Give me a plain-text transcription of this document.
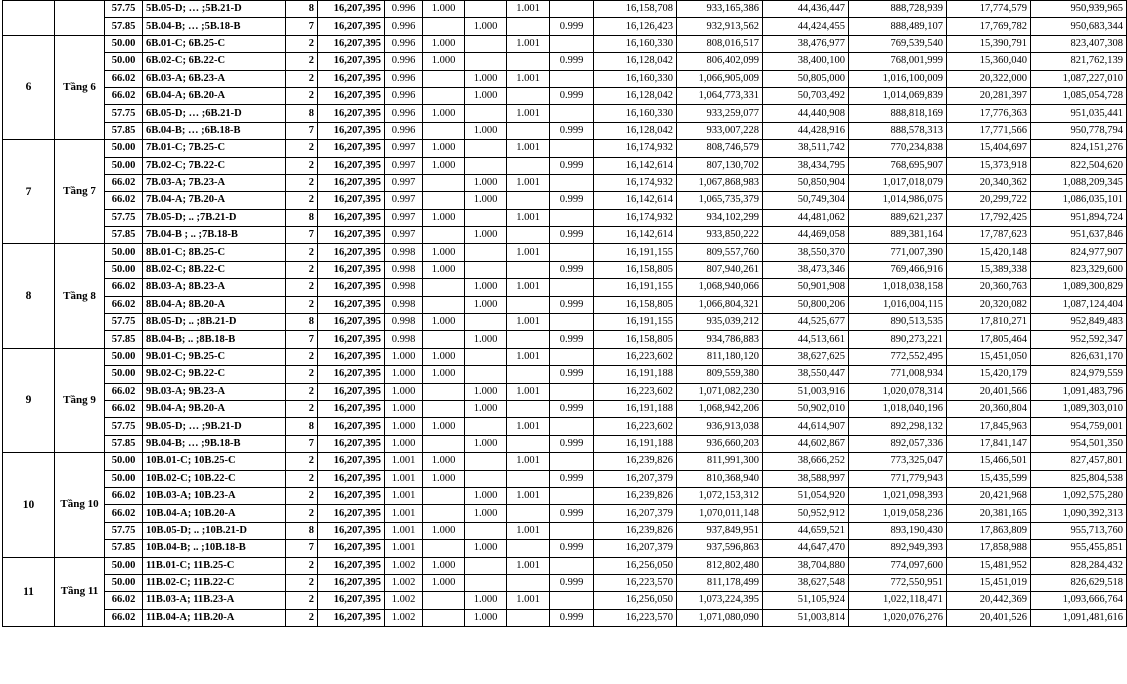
		57.75	5B.05-D; … ;5B.21-D	8	16,207,395	0.996	1.000		1.001		16,158,708	933,165,386	44,436,447	888,728,939	17,774,579	950,939,965
		57.85	5B.04-B; … ;5B.18-B	7	16,207,395	0.996		1.000		0.999	16,126,423	932,913,562	44,424,455	888,489,107	17,769,782	950,683,344
6	Tầng 6	50.00	6B.01-C; 6B.25-C	2	16,207,395	0.996	1.000		1.001		16,160,330	808,016,517	38,476,977	769,539,540	15,390,791	823,407,308
		50.00	6B.02-C; 6B.22-C	2	16,207,395	0.996	1.000			0.999	16,128,042	806,402,099	38,400,100	768,001,999	15,360,040	821,762,139
		66.02	6B.03-A; 6B.23-A	2	16,207,395	0.996		1.000	1.001		16,160,330	1,066,905,009	50,805,000	1,016,100,009	20,322,000	1,087,227,010
		66.02	6B.04-A; 6B.20-A	2	16,207,395	0.996		1.000		0.999	16,128,042	1,064,773,331	50,703,492	1,014,069,839	20,281,397	1,085,054,728
		57.75	6B.05-D; … ;6B.21-D	8	16,207,395	0.996	1.000		1.001		16,160,330	933,259,077	44,440,908	888,818,169	17,776,363	951,035,441
		57.85	6B.04-B; … ;6B.18-B	7	16,207,395	0.996		1.000		0.999	16,128,042	933,007,228	44,428,916	888,578,313	17,771,566	950,778,794
7	Tầng 7	50.00	7B.01-C; 7B.25-C	2	16,207,395	0.997	1.000		1.001		16,174,932	808,746,579	38,511,742	770,234,838	15,404,697	824,151,276
		50.00	7B.02-C; 7B.22-C	2	16,207,395	0.997	1.000			0.999	16,142,614	807,130,702	38,434,795	768,695,907	15,373,918	822,504,620
		66.02	7B.03-A; 7B.23-A	2	16,207,395	0.997		1.000	1.001		16,174,932	1,067,868,983	50,850,904	1,017,018,079	20,340,362	1,088,209,345
		66.02	7B.04-A; 7B.20-A	2	16,207,395	0.997		1.000		0.999	16,142,614	1,065,735,379	50,749,304	1,014,986,075	20,299,722	1,086,035,101
		57.75	7B.05-D; .. ;7B.21-D	8	16,207,395	0.997	1.000		1.001		16,174,932	934,102,299	44,481,062	889,621,237	17,792,425	951,894,724
		57.85	7B.04-B ; .. ;7B.18-B	7	16,207,395	0.997		1.000		0.999	16,142,614	933,850,222	44,469,058	889,381,164	17,787,623	951,637,846
8	Tầng 8	50.00	8B.01-C; 8B.25-C	2	16,207,395	0.998	1.000		1.001		16,191,155	809,557,760	38,550,370	771,007,390	15,420,148	824,977,907
		50.00	8B.02-C; 8B.22-C	2	16,207,395	0.998	1.000			0.999	16,158,805	807,940,261	38,473,346	769,466,916	15,389,338	823,329,600
		66.02	8B.03-A; 8B.23-A	2	16,207,395	0.998		1.000	1.001		16,191,155	1,068,940,066	50,901,908	1,018,038,158	20,360,763	1,089,300,829
		66.02	8B.04-A; 8B.20-A	2	16,207,395	0.998		1.000		0.999	16,158,805	1,066,804,321	50,800,206	1,016,004,115	20,320,082	1,087,124,404
		57.75	8B.05-D; .. ;8B.21-D	8	16,207,395	0.998	1.000		1.001		16,191,155	935,039,212	44,525,677	890,513,535	17,810,271	952,849,483
		57.85	8B.04-B; .. ;8B.18-B	7	16,207,395	0.998		1.000		0.999	16,158,805	934,786,883	44,513,661	890,273,221	17,805,464	952,592,347
9	Tầng 9	50.00	9B.01-C; 9B.25-C	2	16,207,395	1.000	1.000		1.001		16,223,602	811,180,120	38,627,625	772,552,495	15,451,050	826,631,170
		50.00	9B.02-C; 9B.22-C	2	16,207,395	1.000	1.000			0.999	16,191,188	809,559,380	38,550,447	771,008,934	15,420,179	824,979,559
		66.02	9B.03-A; 9B.23-A	2	16,207,395	1.000		1.000	1.001		16,223,602	1,071,082,230	51,003,916	1,020,078,314	20,401,566	1,091,483,796
		66.02	9B.04-A; 9B.20-A	2	16,207,395	1.000		1.000		0.999	16,191,188	1,068,942,206	50,902,010	1,018,040,196	20,360,804	1,089,303,010
		57.75	9B.05-D; … ;9B.21-D	8	16,207,395	1.000	1.000		1.001		16,223,602	936,913,038	44,614,907	892,298,132	17,845,963	954,759,001
		57.85	9B.04-B; … ;9B.18-B	7	16,207,395	1.000		1.000		0.999	16,191,188	936,660,203	44,602,867	892,057,336	17,841,147	954,501,350
10	Tầng 10	50.00	10B.01-C; 10B.25-C	2	16,207,395	1.001	1.000		1.001		16,239,826	811,991,300	38,666,252	773,325,047	15,466,501	827,457,801
		50.00	10B.02-C; 10B.22-C	2	16,207,395	1.001	1.000			0.999	16,207,379	810,368,940	38,588,997	771,779,943	15,435,599	825,804,538
		66.02	10B.03-A; 10B.23-A	2	16,207,395	1.001		1.000	1.001		16,239,826	1,072,153,312	51,054,920	1,021,098,393	20,421,968	1,092,575,280
		66.02	10B.04-A; 10B.20-A	2	16,207,395	1.001		1.000		0.999	16,207,379	1,070,011,148	50,952,912	1,019,058,236	20,381,165	1,090,392,313
		57.75	10B.05-D; .. ;10B.21-D	8	16,207,395	1.001	1.000		1.001		16,239,826	937,849,951	44,659,521	893,190,430	17,863,809	955,713,760
		57.85	10B.04-B; .. ;10B.18-B	7	16,207,395	1.001		1.000		0.999	16,207,379	937,596,863	44,647,470	892,949,393	17,858,988	955,455,851
11	Tầng 11	50.00	11B.01-C; 11B.25-C	2	16,207,395	1.002	1.000		1.001		16,256,050	812,802,480	38,704,880	774,097,600	15,481,952	828,284,432
		50.00	11B.02-C; 11B.22-C	2	16,207,395	1.002	1.000			0.999	16,223,570	811,178,499	38,627,548	772,550,951	15,451,019	826,629,518
		66.02	11B.03-A; 11B.23-A	2	16,207,395	1.002		1.000	1.001		16,256,050	1,073,224,395	51,105,924	1,022,118,471	20,442,369	1,093,666,764
		66.02	11B.04-A; 11B.20-A	2	16,207,395	1.002		1.000		0.999	16,223,570	1,071,080,090	51,003,814	1,020,076,276	20,401,526	1,091,481,616
